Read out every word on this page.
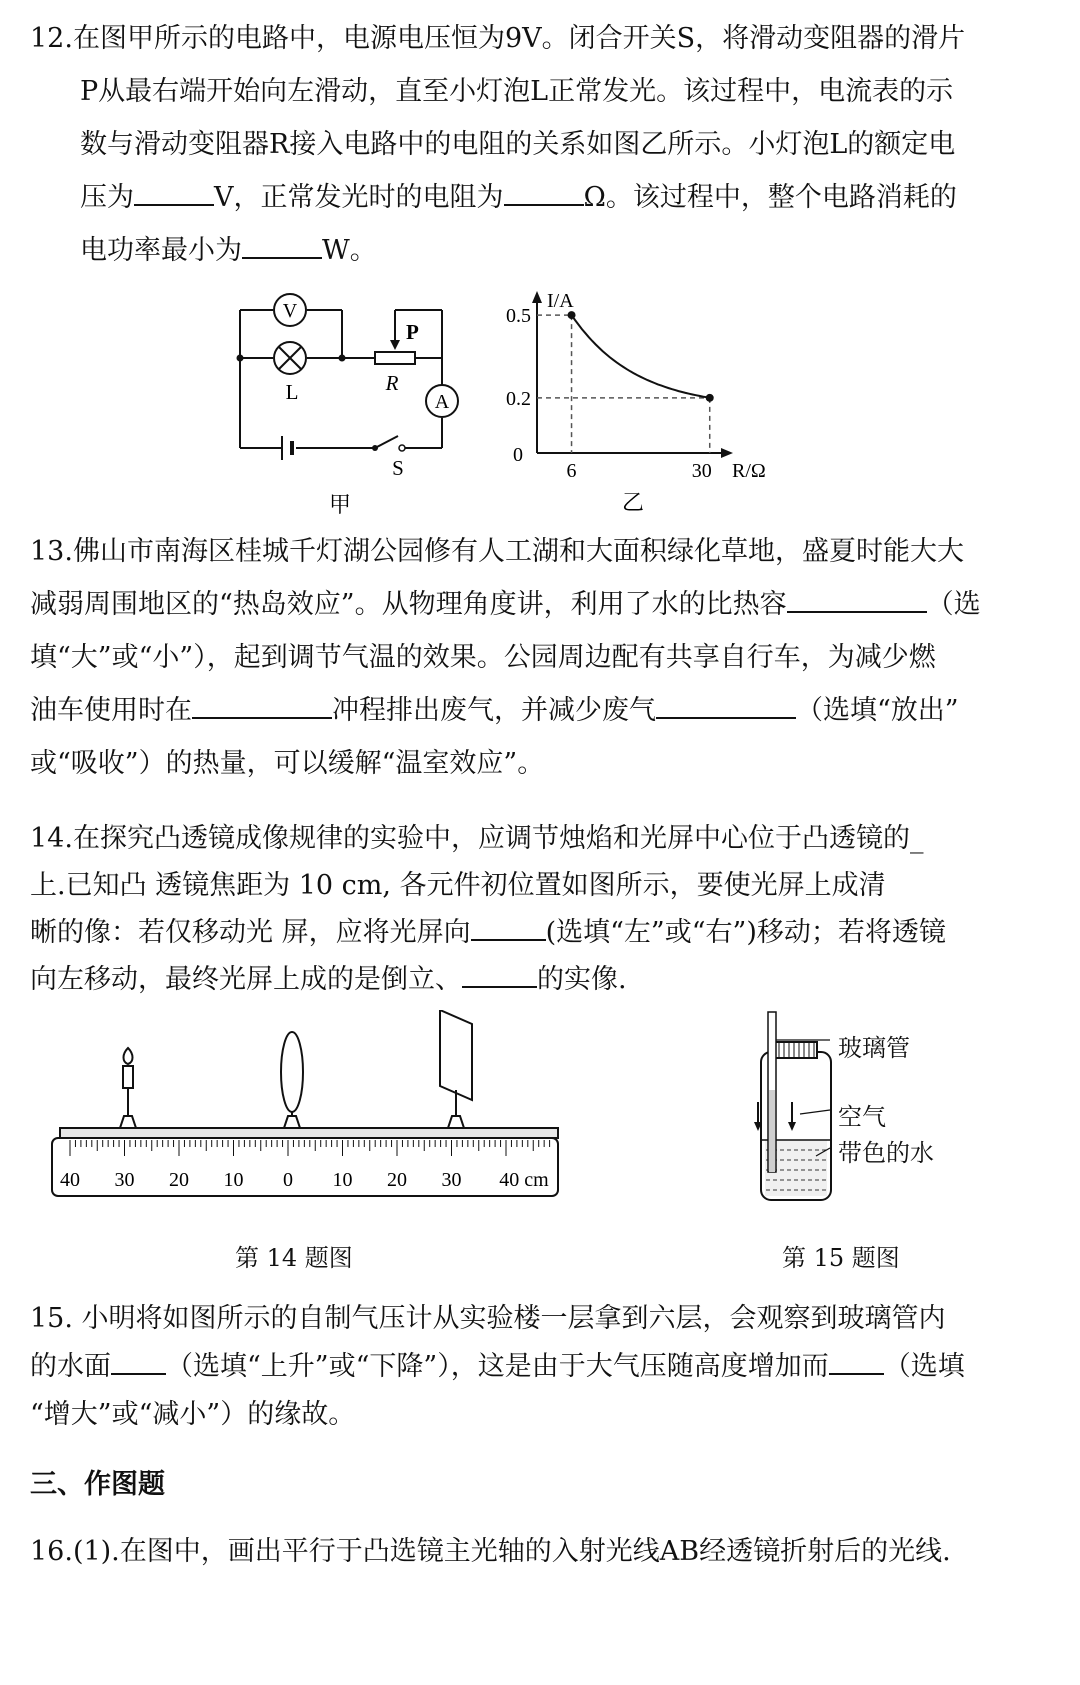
12.在图甲所示的电路中，电源电压恒为9V。闭合开关S，将滑动变阻器的滑片
P从最右端开始向左滑动，直至小灯泡L正常发光。该过程中，电流表的示
数与滑动变阻器R接入电路中的电阻的关系如图乙所示。小灯泡L的额定电
压为	V，正常发光时的电阻为	Ω。该过程中，整个电路消耗的
电功率最小为	W。
V
L
P
R
A
S
甲
I/A
R/Ω
0
0.5
0.2
6	30
乙
13.佛山市南海区桂城千灯湖公园修有人工湖和大面积绿化草地，盛夏时能大大
减弱周围地区的“热岛效应”。从物理角度讲，利用了水的比热容	（选
填“大”或“小”），起到调节气温的效果。公园周边配有共享自行车，为减少燃
油车使用时在	冲程排出废气，并减少废气	（选填“放出”
或“吸收”）的热量，可以缓解“温室效应”。
14.在探究凸透镜成像规律的实验中，应调节烛焰和光屏中心位于凸透镜的_
上.已知凸 透镜焦距为 10 cm, 各元件初位置如图所示，要使光屏上成清
晰的像：若仅移动光 屏，应将光屏向	(选填“左”或“右”)移动；若将透镜
向左移动，最终光屏上成的是倒立、	的实像.
40 30 20 10 0 10 20 30 40 cm
第 14 题图
玻璃管
空气
带色的水
第 15 题图
15. 小明将如图所示的自制气压计从实验楼一层拿到六层，会观察到玻璃管内
的水面 （选填“上升”或“下降”），这是由于大气压随高度增加而 （选填
“增大”或“减小”）的缘故。
三、作图题
16.(1).在图中，画出平行于凸选镜主光轴的入射光线AB经透镜折射后的光线.
